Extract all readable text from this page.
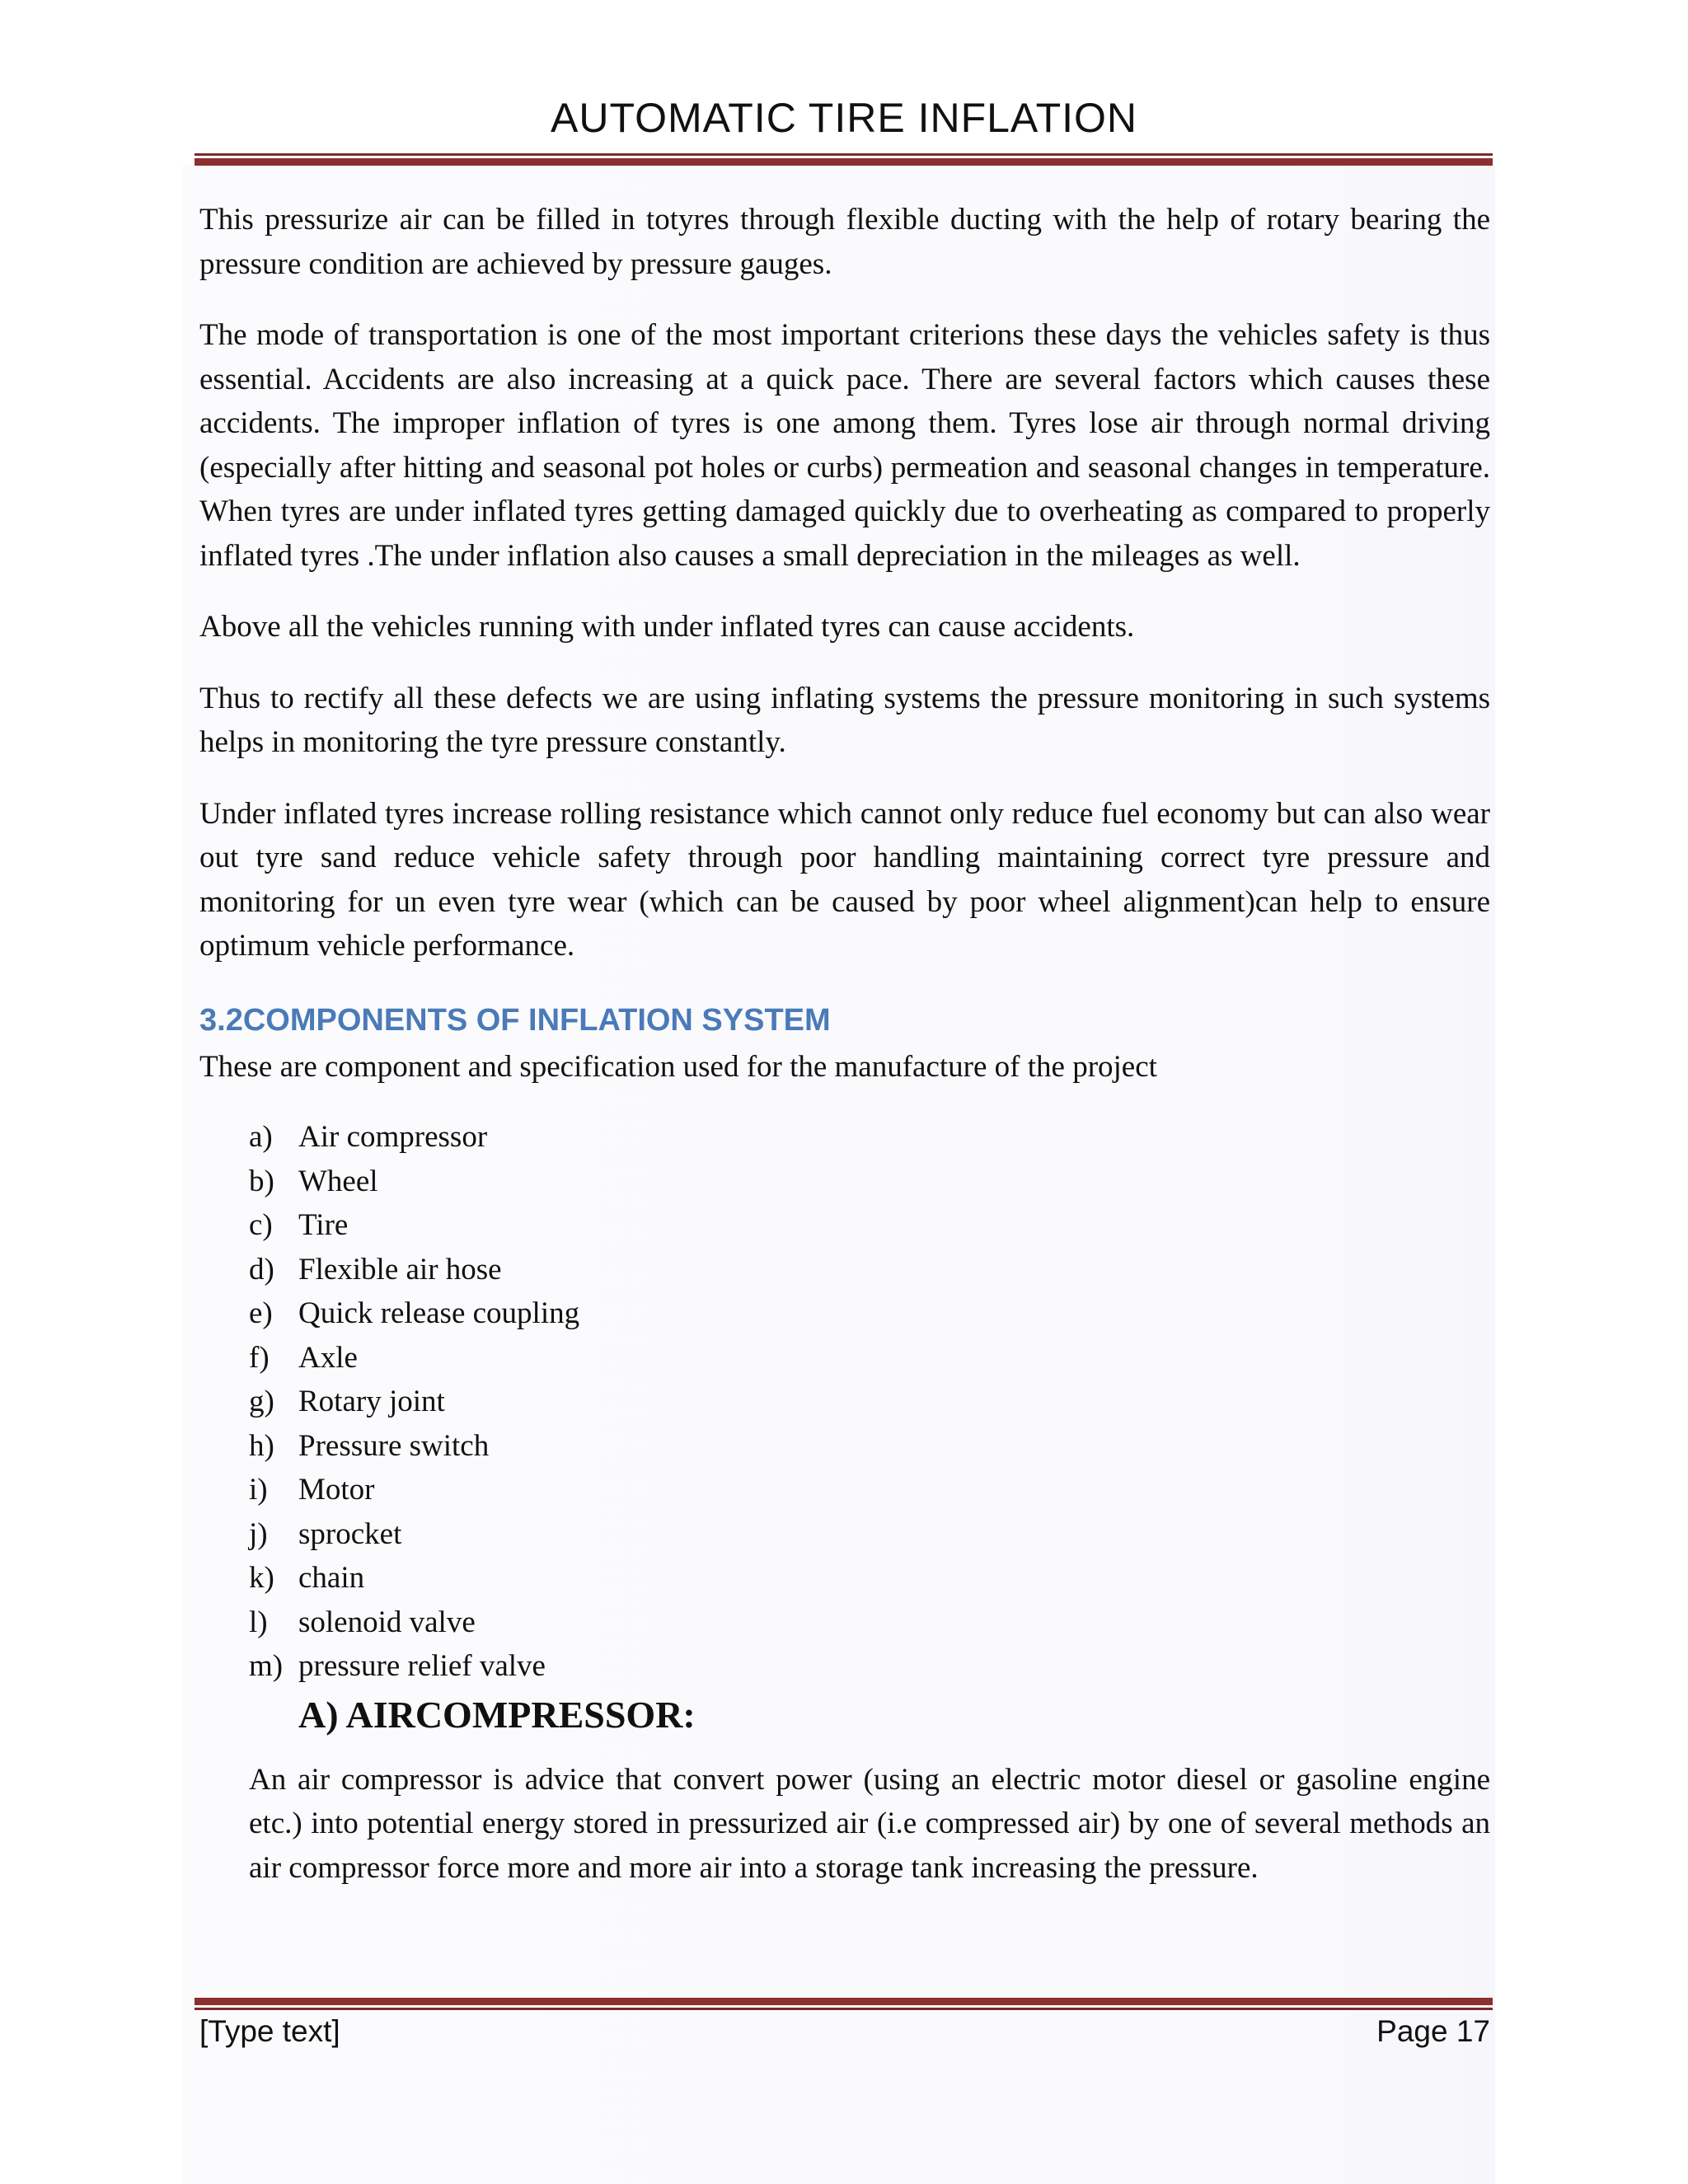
AUTOMATIC TIRE INFLATION

This pressurize air can be filled in totyres through flexible ducting with the help of rotary bearing the pressure condition are achieved by pressure gauges.

The mode of transportation is one of the most important criterions these days the vehicles safety is thus essential. Accidents are also increasing at a quick pace. There are several factors which causes these accidents. The improper inflation of tyres is one among them. Tyres lose air through normal driving (especially after hitting and seasonal pot holes or curbs) permeation and seasonal changes in temperature. When tyres are under inflated tyres getting damaged quickly due to overheating as compared to properly inflated tyres .The under inflation also causes a small depreciation in the mileages as well.

Above all the vehicles running with under inflated tyres can cause accidents.

Thus to rectify all these defects we are using inflating systems the pressure monitoring in such systems helps in monitoring the tyre pressure constantly.

Under inflated tyres increase rolling resistance which cannot only reduce fuel economy but can also wear out tyre sand reduce vehicle safety through poor handling maintaining correct tyre pressure and monitoring for un even tyre wear (which can be caused by poor wheel alignment)can help to ensure optimum vehicle performance.

3.2COMPONENTS OF INFLATION SYSTEM

These are component and specification used for the manufacture of the project

a) Air compressor
b) Wheel
c) Tire
d) Flexible air hose
e) Quick release coupling
f) Axle
g) Rotary joint
h) Pressure switch
i)	Motor
j)	sprocket
k) chain
l)	solenoid valve
m) pressure relief valve
A) AIRCOMPRESSOR:

An air compressor is advice that convert power (using an electric motor diesel or gasoline engine etc.) into potential energy stored in pressurized air (i.e compressed air) by one of several methods an air compressor force more and more air into a storage tank increasing the pressure.

[Type text]	Page 17
